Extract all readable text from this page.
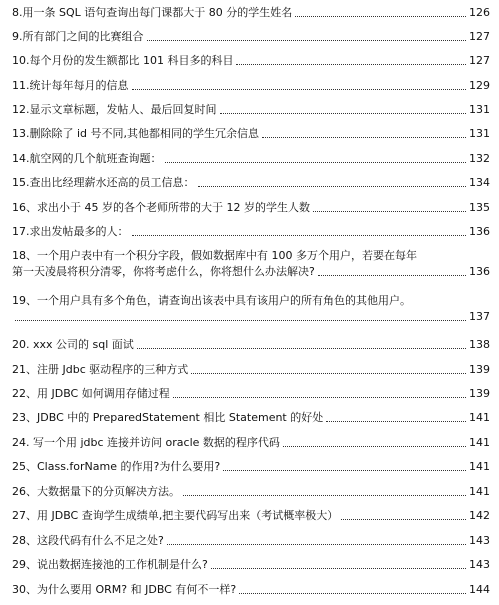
8.用一条 SQL 语句查询出每门课都大于 80 分的学生姓名	126
9.所有部门之间的比赛组合	127
10.每个月份的发生额都比 101 科目多的科目	127
11.统计每年每月的信息	129
12.显示文章标题，发帖人、最后回复时间	131
13.删除除了 id 号不同,其他都相同的学生冗余信息	131
14.航空网的几个航班查询题：	132
15.查出比经理薪水还高的员工信息：	134
16、求出小于 45 岁的各个老师所带的大于 12 岁的学生人数	135
17.求出发帖最多的人：	136
18、一个用户表中有一个积分字段，假如数据库中有 100 多万个用户，若要在每年
第一天凌晨将积分清零，你将考虑什么，你将想什么办法解决?	136
19、一个用户具有多个角色，请查询出该表中具有该用户的所有角色的其他用户。
137
20. xxx 公司的 sql 面试	138
21、注册 Jdbc 驱动程序的三种方式	139
22、用 JDBC 如何调用存储过程	139
23、JDBC 中的 PreparedStatement 相比 Statement 的好处	141
24. 写一个用 jdbc 连接并访问 oracle 数据的程序代码	141
25、Class.forName 的作用?为什么要用?	141
26、大数据量下的分页解决方法。	141
27、用 JDBC 查询学生成绩单,把主要代码写出来（考试概率极大）	142
28、这段代码有什么不足之处?	143
29、说出数据连接池的工作机制是什么?	143
30、为什么要用 ORM? 和 JDBC 有何不一样?	144
